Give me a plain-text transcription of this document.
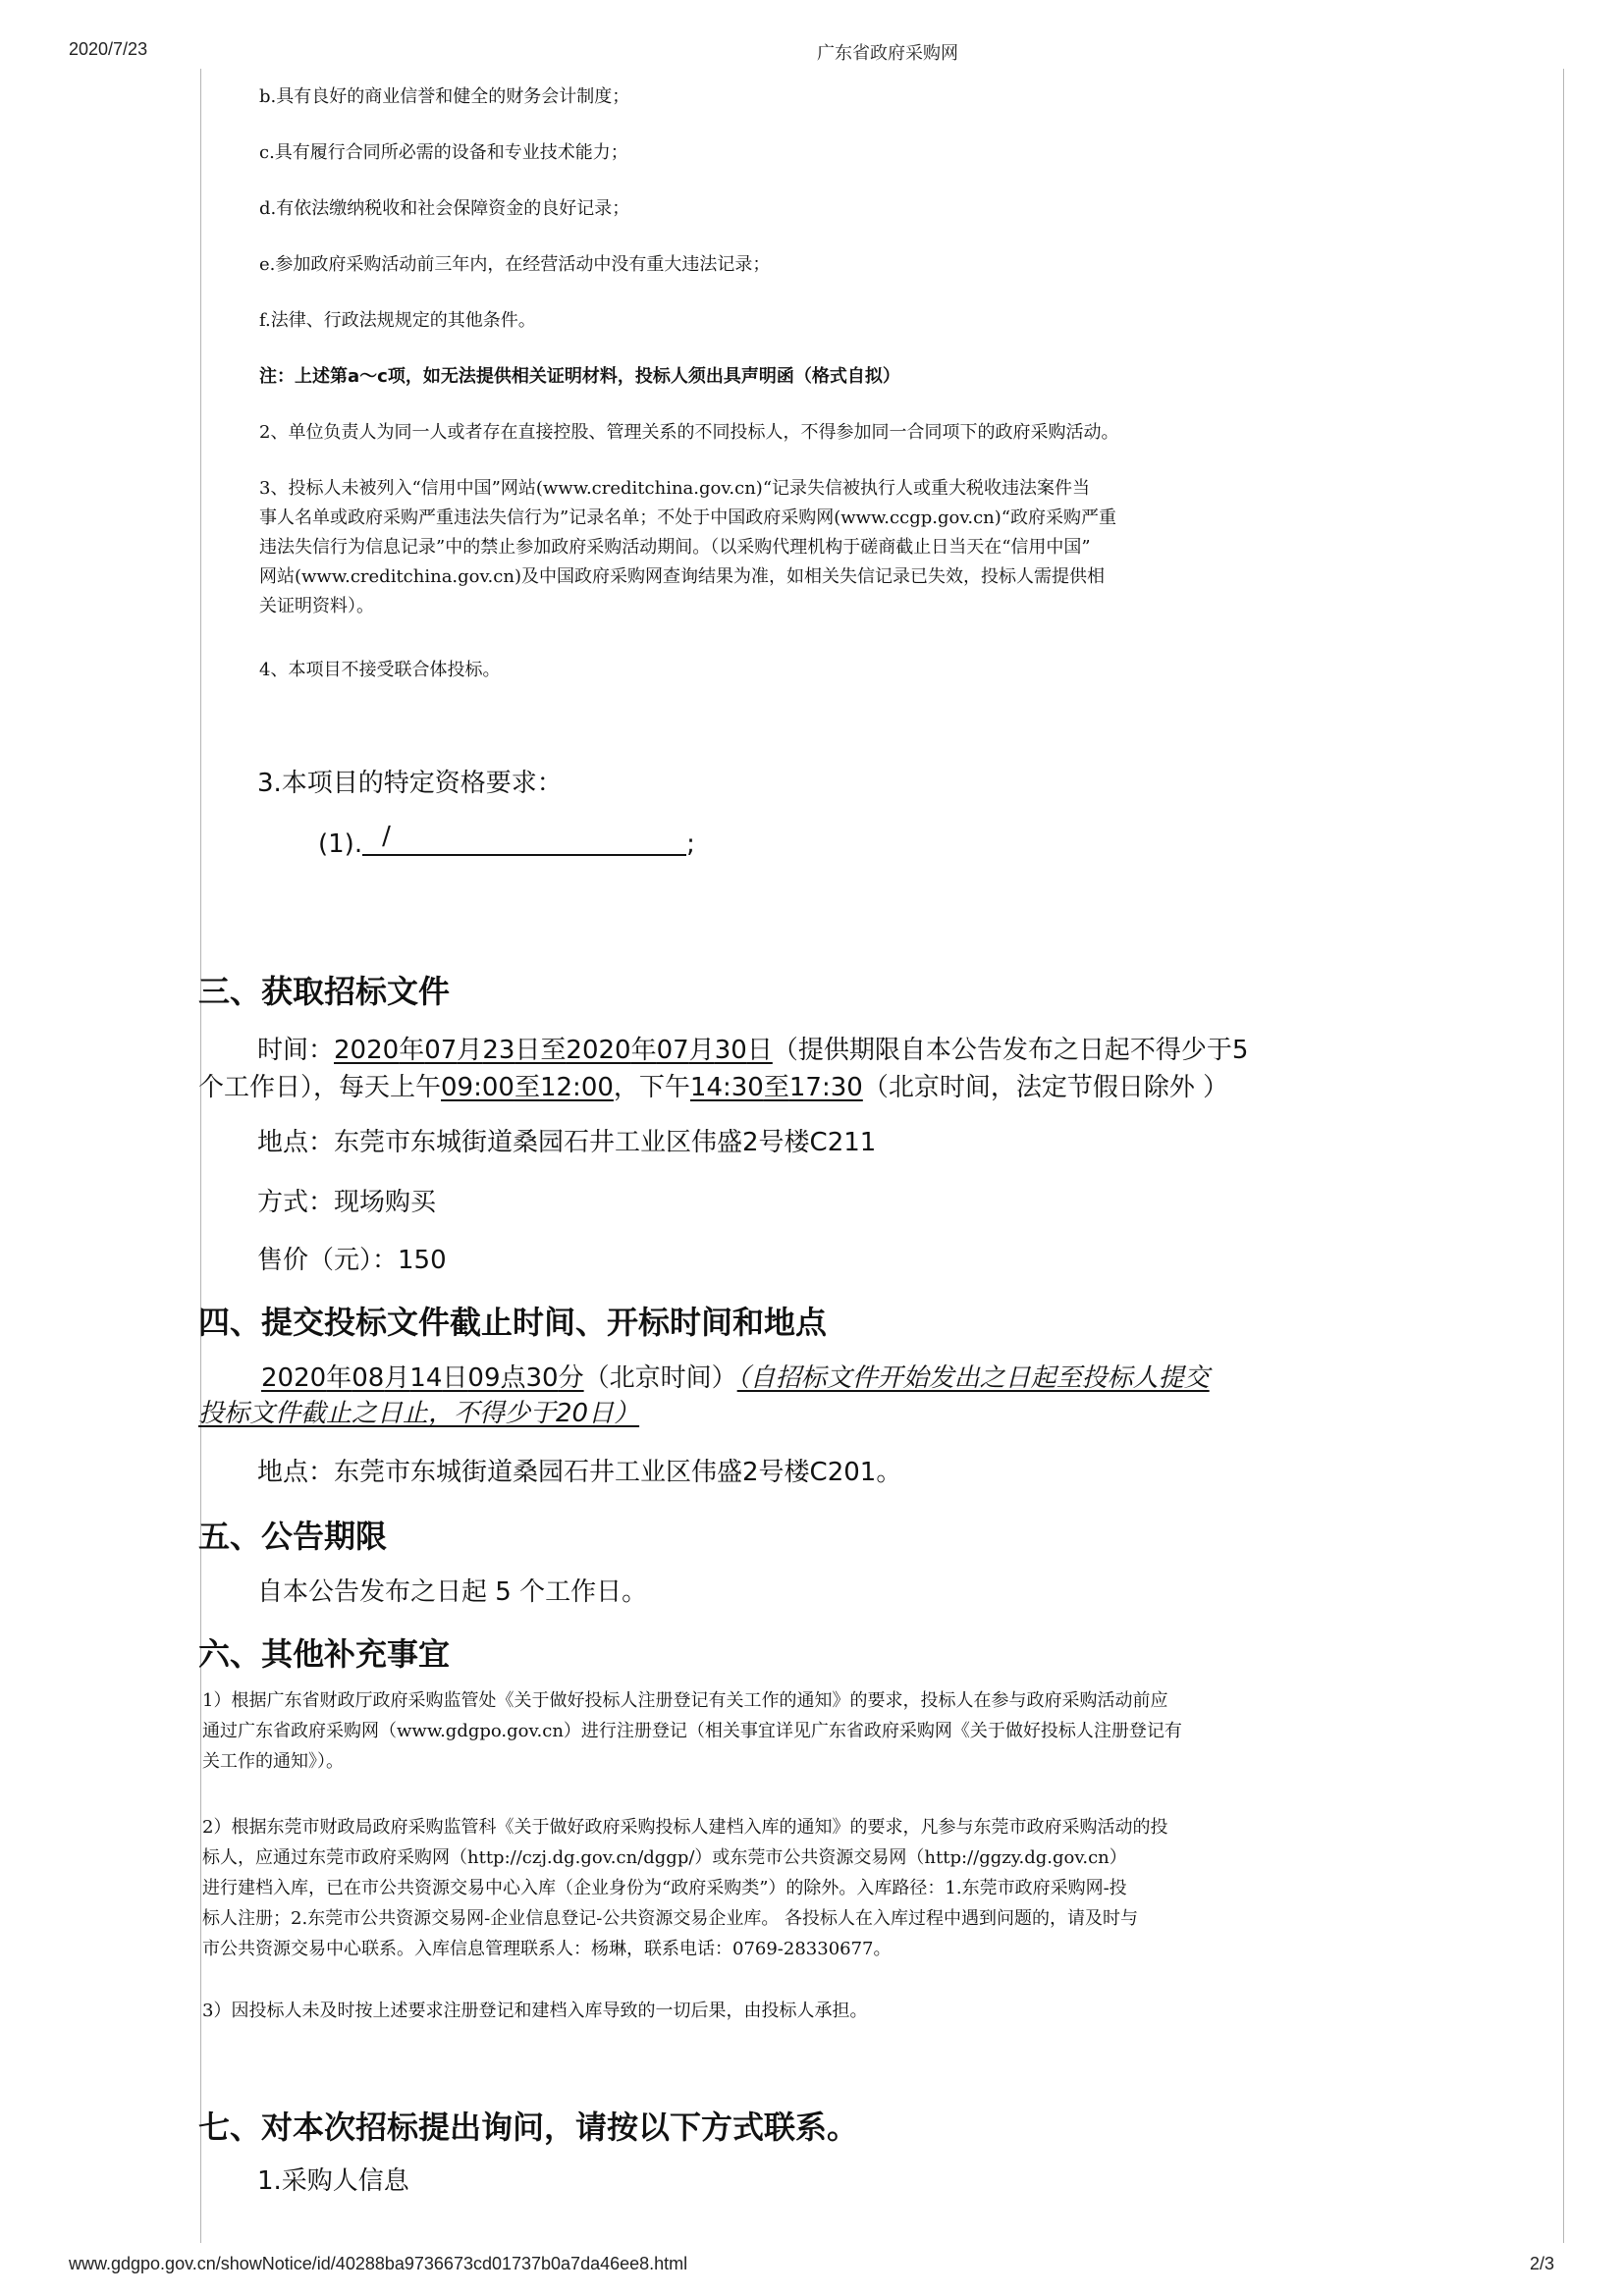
2020/7/23	广东省政府采购网
www.gdgpo.gov.cn/showNotice/id/40288ba9736673cd01737b0a7da46ee8.html	2/3
b.具有良好的商业信誉和健全的财务会计制度；
c.具有履行合同所必需的设备和专业技术能力；
d.有依法缴纳税收和社会保障资金的良好记录；
e.参加政府采购活动前三年内，在经营活动中没有重大违法记录；
f.法律、行政法规规定的其他条件。
注：上述第a～c项，如无法提供相关证明材料，投标人须出具声明函（格式自拟）
2、单位负责人为同一人或者存在直接控股、管理关系的不同投标人，不得参加同一合同项下的政府采购活动。
3、投标人未被列入“信用中国”网站(www.creditchina.gov.cn)“记录失信被执行人或重大税收违法案件当
事人名单或政府采购严重违法失信行为”记录名单；不处于中国政府采购网(www.ccgp.gov.cn)“政府采购严重
违法失信行为信息记录”中的禁止参加政府采购活动期间。（以采购代理机构于磋商截止日当天在“信用中国”
网站(www.creditchina.gov.cn)及中国政府采购网查询结果为准，如相关失信记录已失效，投标人需提供相
关证明资料）。
4、本项目不接受联合体投标。
3.本项目的特定资格要求：
(1). /	;
三、获取招标文件
时间：2020年07月23日至2020年07月30日（提供期限自本公告发布之日起不得少于5
个工作日），每天上午09:00至12:00，下午14:30至17:30（北京时间，法定节假日除外 ）
地点：东莞市东城街道桑园石井工业区伟盛2号楼C211
方式：现场购买
售价（元）：150
四、提交投标文件截止时间、开标时间和地点
2020年08月14日09点30分（北京时间）（自招标文件开始发出之日起至投标人提交
投标文件截止之日止，不得少于20日）
地点：东莞市东城街道桑园石井工业区伟盛2号楼C201。
五、公告期限
自本公告发布之日起 5 个工作日。
六、其他补充事宜
1）根据广东省财政厅政府采购监管处《关于做好投标人注册登记有关工作的通知》的要求，投标人在参与政府采购活动前应
通过广东省政府采购网（www.gdgpo.gov.cn）进行注册登记（相关事宜详见广东省政府采购网《关于做好投标人注册登记有
关工作的通知》）。
2）根据东莞市财政局政府采购监管科《关于做好政府采购投标人建档入库的通知》的要求，凡参与东莞市政府采购活动的投
标人，应通过东莞市政府采购网（http://czj.dg.gov.cn/dggp/）或东莞市公共资源交易网（http://ggzy.dg.gov.cn）
进行建档入库，已在市公共资源交易中心入库（企业身份为“政府采购类”）的除外。入库路径：1.东莞市政府采购网-投
标人注册；2.东莞市公共资源交易网-企业信息登记-公共资源交易企业库。 各投标人在入库过程中遇到问题的，请及时与
市公共资源交易中心联系。入库信息管理联系人：杨琳，联系电话：0769-28330677。
3）因投标人未及时按上述要求注册登记和建档入库导致的一切后果，由投标人承担。
七、对本次招标提出询问，请按以下方式联系。
1.采购人信息
